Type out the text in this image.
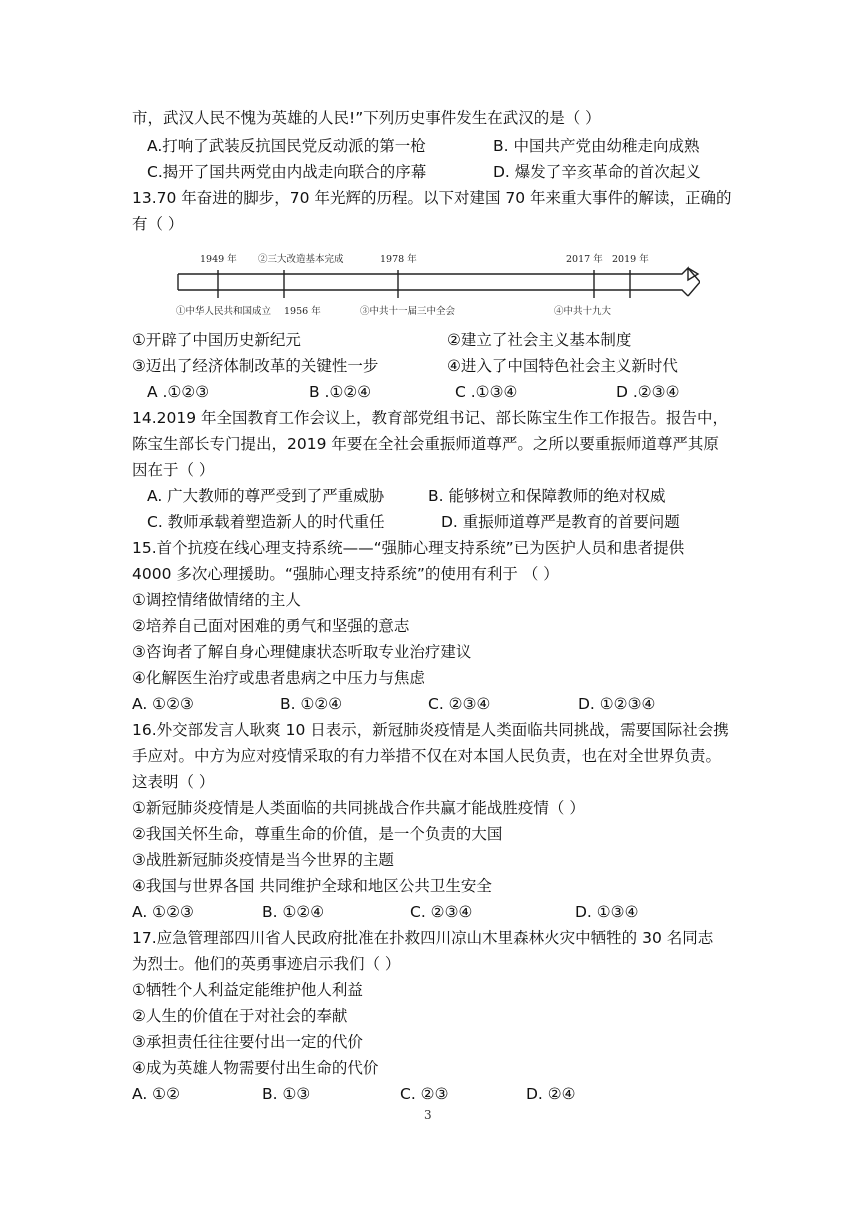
市，武汉人民不愧为英雄的人民!”下列历史事件发生在武汉的是（ ）
A.打响了武装反抗国民党反动派的第一枪	B. 中国共产党由幼稚走向成熟
C.揭开了国共两党由内战走向联合的序幕	D. 爆发了辛亥革命的首次起义
13.70 年奋进的脚步，70 年光辉的历程。以下对建国 70 年来重大事件的解读，正确的
有（ ）
1949 年 ②三大改造基本完成	1978 年	2017 年 2019 年
①中华人民共和国成立 1956 年	③中共十一届三中全会	④中共十九大
①开辟了中国历史新纪元	②建立了社会主义基本制度
③迈出了经济体制改革的关键性一步	④进入了中国特色社会主义新时代
A .①②③	B .①②④	C .①③④	D .②③④
14.2019 年全国教育工作会议上，教育部党组书记、部长陈宝生作工作报告。报告中，
陈宝生部长专门提出，2019 年要在全社会重振师道尊严。之所以要重振师道尊严其原
因在于（ ）
A. 广大教师的尊严受到了严重威胁	B. 能够树立和保障教师的绝对权威
C. 教师承载着塑造新人的时代重任	D. 重振师道尊严是教育的首要问题
15.首个抗疫在线心理支持系统——“强肺心理支持系统”已为医护人员和患者提供
4000 多次心理援助。“强肺心理支持系统”的使用有利于 （ ）
①调控情绪做情绪的主人
②培养自己面对困难的勇气和坚强的意志
③咨询者了解自身心理健康状态听取专业治疗建议
④化解医生治疗或患者患病之中压力与焦虑
A. ①②③	B. ①②④	C. ②③④	D. ①②③④
16.外交部发言人耿爽 10 日表示，新冠肺炎疫情是人类面临共同挑战，需要国际社会携
手应对。中方为应对疫情采取的有力举措不仅在对本国人民负责，也在对全世界负责。
这表明（ ）
①新冠肺炎疫情是人类面临的共同挑战合作共赢才能战胜疫情（ ）
②我国关怀生命，尊重生命的价值，是一个负责的大国
③战胜新冠肺炎疫情是当今世界的主题
④我国与世界各国 共同维护全球和地区公共卫生安全
A. ①②③	B. ①②④	C. ②③④	D. ①③④
17.应急管理部四川省人民政府批准在扑救四川凉山木里森林火灾中牺牲的 30 名同志
为烈士。他们的英勇事迹启示我们（ ）
①牺牲个人利益定能维护他人利益
②人生的价值在于对社会的奉献
③承担责任往往要付出一定的代价
④成为英雄人物需要付出生命的代价
A. ①②	B. ①③	C. ②③	D. ②④
3
